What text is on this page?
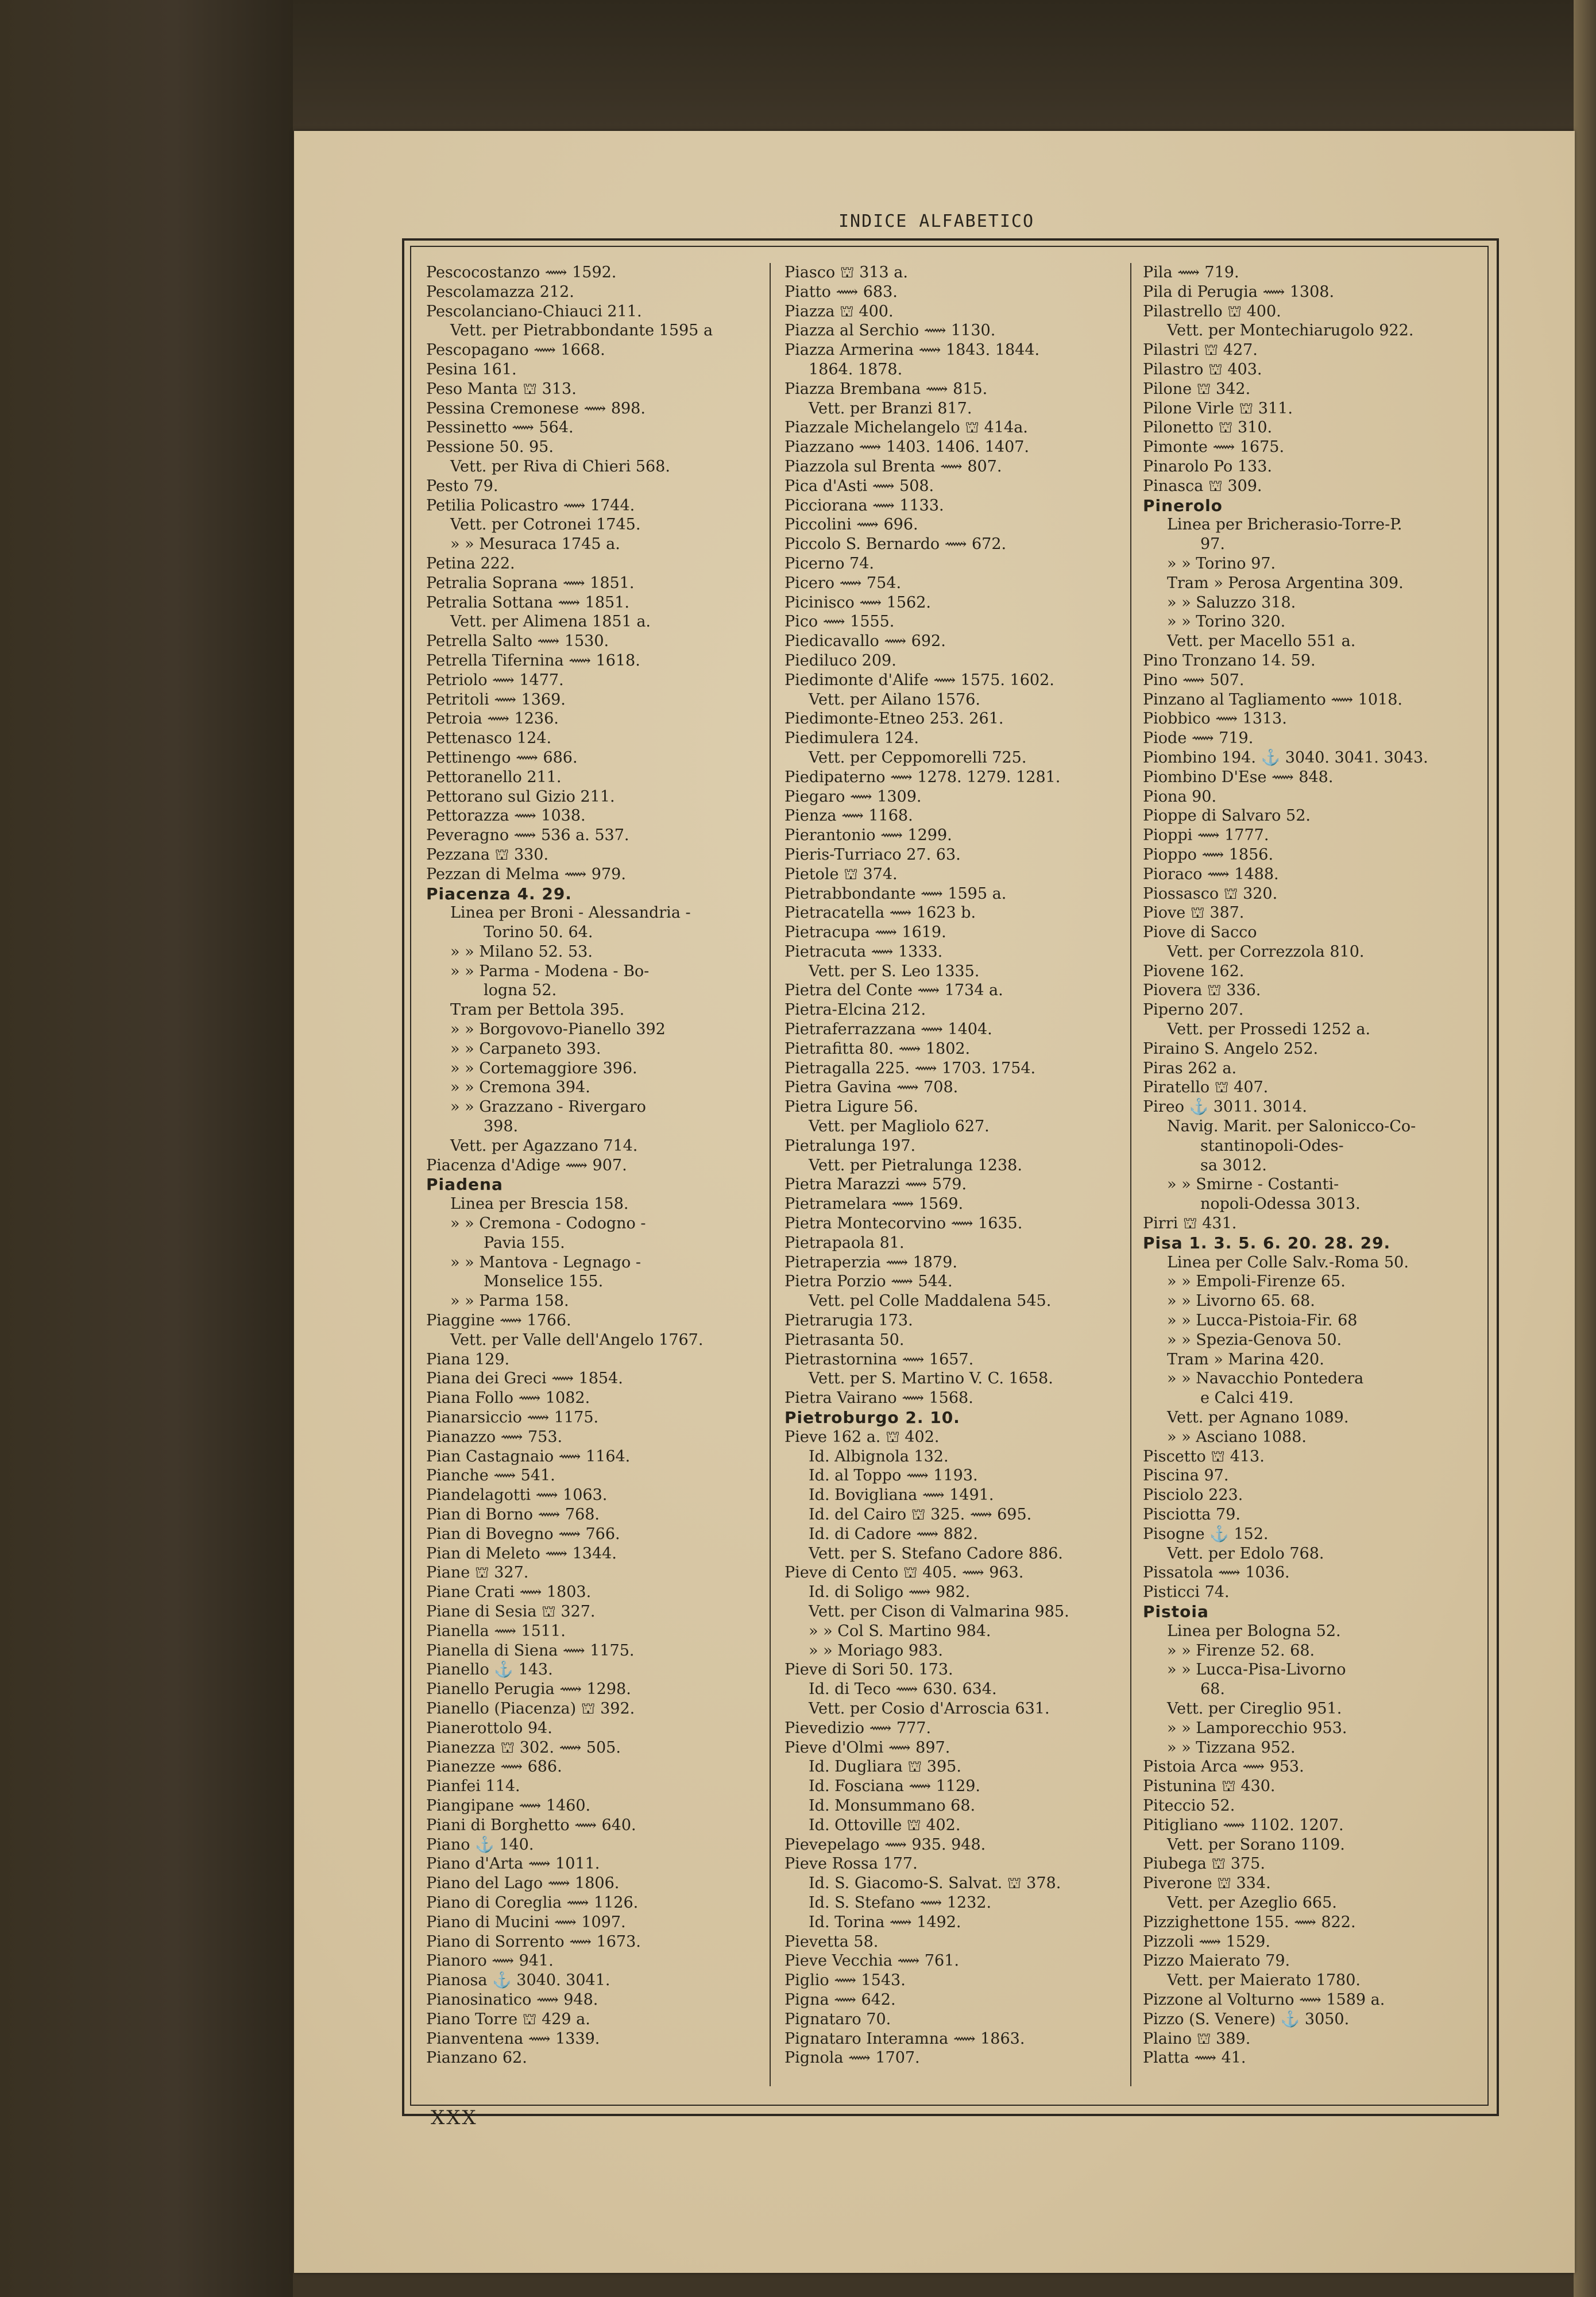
INDICE ALFABETICO
Pescocostanzo ⟿ 1592.
Pescolamazza 212.
Pescolanciano-Chiauci 211.
Vett. per Pietrabbondante 1595 a
Pescopagano ⟿ 1668.
Pesina 161.
Peso Manta ⛫ 313.
Pessina Cremonese ⟿ 898.
Pessinetto ⟿ 564.
Pessione 50. 95.
Vett. per Riva di Chieri 568.
Pesto 79.
Petilia Policastro ⟿ 1744.
Vett. per Cotronei 1745.
» » Mesuraca 1745 a.
Petina 222.
Petralia Soprana ⟿ 1851.
Petralia Sottana ⟿ 1851.
Vett. per Alimena 1851 a.
Petrella Salto ⟿ 1530.
Petrella Tifernina ⟿ 1618.
Petriolo ⟿ 1477.
Petritoli ⟿ 1369.
Petroia ⟿ 1236.
Pettenasco 124.
Pettinengo ⟿ 686.
Pettoranello 211.
Pettorano sul Gizio 211.
Pettorazza ⟿ 1038.
Peveragno ⟿ 536 a. 537.
Pezzana ⛫ 330.
Pezzan di Melma ⟿ 979.
Piacenza 4. 29.
Linea per Broni - Alessandria -
Torino 50. 64.
» » Milano 52. 53.
» » Parma - Modena - Bo-
logna 52.
Tram per Bettola 395.
» » Borgovovo-Pianello 392
» » Carpaneto 393.
» » Cortemaggiore 396.
» » Cremona 394.
» » Grazzano - Rivergaro
398.
Vett. per Agazzano 714.
Piacenza d'Adige ⟿ 907.
Piadena
Linea per Brescia 158.
» » Cremona - Codogno -
Pavia 155.
» » Mantova - Legnago -
Monselice 155.
» » Parma 158.
Piaggine ⟿ 1766.
Vett. per Valle dell'Angelo 1767.
Piana 129.
Piana dei Greci ⟿ 1854.
Piana Follo ⟿ 1082.
Pianarsiccio ⟿ 1175.
Pianazzo ⟿ 753.
Pian Castagnaio ⟿ 1164.
Pianche ⟿ 541.
Piandelagotti ⟿ 1063.
Pian di Borno ⟿ 768.
Pian di Bovegno ⟿ 766.
Pian di Meleto ⟿ 1344.
Piane ⛫ 327.
Piane Crati ⟿ 1803.
Piane di Sesia ⛫ 327.
Pianella ⟿ 1511.
Pianella di Siena ⟿ 1175.
Pianello ⚓ 143.
Pianello Perugia ⟿ 1298.
Pianello (Piacenza) ⛫ 392.
Pianerottolo 94.
Pianezza ⛫ 302. ⟿ 505.
Pianezze ⟿ 686.
Pianfei 114.
Piangipane ⟿ 1460.
Piani di Borghetto ⟿ 640.
Piano ⚓ 140.
Piano d'Arta ⟿ 1011.
Piano del Lago ⟿ 1806.
Piano di Coreglia ⟿ 1126.
Piano di Mucini ⟿ 1097.
Piano di Sorrento ⟿ 1673.
Pianoro ⟿ 941.
Pianosa ⚓ 3040. 3041.
Pianosinatico ⟿ 948.
Piano Torre ⛫ 429 a.
Pianventena ⟿ 1339.
Pianzano 62.
Piasco ⛫ 313 a.
Piatto ⟿ 683.
Piazza ⛫ 400.
Piazza al Serchio ⟿ 1130.
Piazza Armerina ⟿ 1843. 1844.
1864. 1878.
Piazza Brembana ⟿ 815.
Vett. per Branzi 817.
Piazzale Michelangelo ⛫ 414a.
Piazzano ⟿ 1403. 1406. 1407.
Piazzola sul Brenta ⟿ 807.
Pica d'Asti ⟿ 508.
Picciorana ⟿ 1133.
Piccolini ⟿ 696.
Piccolo S. Bernardo ⟿ 672.
Picerno 74.
Picero ⟿ 754.
Picinisco ⟿ 1562.
Pico ⟿ 1555.
Piedicavallo ⟿ 692.
Piediluco 209.
Piedimonte d'Alife ⟿ 1575. 1602.
Vett. per Ailano 1576.
Piedimonte-Etneo 253. 261.
Piedimulera 124.
Vett. per Ceppomorelli 725.
Piedipaterno ⟿ 1278. 1279. 1281.
Piegaro ⟿ 1309.
Pienza ⟿ 1168.
Pierantonio ⟿ 1299.
Pieris-Turriaco 27. 63.
Pietole ⛫ 374.
Pietrabbondante ⟿ 1595 a.
Pietracatella ⟿ 1623 b.
Pietracupa ⟿ 1619.
Pietracuta ⟿ 1333.
Vett. per S. Leo 1335.
Pietra del Conte ⟿ 1734 a.
Pietra-Elcina 212.
Pietraferrazzana ⟿ 1404.
Pietrafitta 80. ⟿ 1802.
Pietragalla 225. ⟿ 1703. 1754.
Pietra Gavina ⟿ 708.
Pietra Ligure 56.
Vett. per Magliolo 627.
Pietralunga 197.
Vett. per Pietralunga 1238.
Pietra Marazzi ⟿ 579.
Pietramelara ⟿ 1569.
Pietra Montecorvino ⟿ 1635.
Pietrapaola 81.
Pietraperzia ⟿ 1879.
Pietra Porzio ⟿ 544.
Vett. pel Colle Maddalena 545.
Pietrarugia 173.
Pietrasanta 50.
Pietrastornina ⟿ 1657.
Vett. per S. Martino V. C. 1658.
Pietra Vairano ⟿ 1568.
Pietroburgo 2. 10.
Pieve 162 a. ⛫ 402.
Id. Albignola 132.
Id. al Toppo ⟿ 1193.
Id. Bovigliana ⟿ 1491.
Id. del Cairo ⛫ 325. ⟿ 695.
Id. di Cadore ⟿ 882.
Vett. per S. Stefano Cadore 886.
Pieve di Cento ⛫ 405. ⟿ 963.
Id. di Soligo ⟿ 982.
Vett. per Cison di Valmarina 985.
» » Col S. Martino 984.
» » Moriago 983.
Pieve di Sori 50. 173.
Id. di Teco ⟿ 630. 634.
Vett. per Cosio d'Arroscia 631.
Pievedizio ⟿ 777.
Pieve d'Olmi ⟿ 897.
Id. Dugliara ⛫ 395.
Id. Fosciana ⟿ 1129.
Id. Monsummano 68.
Id. Ottoville ⛫ 402.
Pievepelago ⟿ 935. 948.
Pieve Rossa 177.
Id. S. Giacomo-S. Salvat. ⛫ 378.
Id. S. Stefano ⟿ 1232.
Id. Torina ⟿ 1492.
Pievetta 58.
Pieve Vecchia ⟿ 761.
Piglio ⟿ 1543.
Pigna ⟿ 642.
Pignataro 70.
Pignataro Interamna ⟿ 1863.
Pignola ⟿ 1707.
Pila ⟿ 719.
Pila di Perugia ⟿ 1308.
Pilastrello ⛫ 400.
Vett. per Montechiarugolo 922.
Pilastri ⛫ 427.
Pilastro ⛫ 403.
Pilone ⛫ 342.
Pilone Virle ⛫ 311.
Pilonetto ⛫ 310.
Pimonte ⟿ 1675.
Pinarolo Po 133.
Pinasca ⛫ 309.
Pinerolo
Linea per Bricherasio-Torre-P.
97.
» » Torino 97.
Tram » Perosa Argentina 309.
» » Saluzzo 318.
» » Torino 320.
Vett. per Macello 551 a.
Pino Tronzano 14. 59.
Pino ⟿ 507.
Pinzano al Tagliamento ⟿ 1018.
Piobbico ⟿ 1313.
Piode ⟿ 719.
Piombino 194. ⚓ 3040. 3041. 3043.
Piombino D'Ese ⟿ 848.
Piona 90.
Pioppe di Salvaro 52.
Pioppi ⟿ 1777.
Pioppo ⟿ 1856.
Pioraco ⟿ 1488.
Piossasco ⛫ 320.
Piove ⛫ 387.
Piove di Sacco
Vett. per Correzzola 810.
Piovene 162.
Piovera ⛫ 336.
Piperno 207.
Vett. per Prossedi 1252 a.
Piraino S. Angelo 252.
Piras 262 a.
Piratello ⛫ 407.
Pireo ⚓ 3011. 3014.
Navig. Marit. per Salonicco-Co-
stantinopoli-Odes-
sa 3012.
» » Smirne - Costanti-
nopoli-Odessa 3013.
Pirri ⛫ 431.
Pisa 1. 3. 5. 6. 20. 28. 29.
Linea per Colle Salv.-Roma 50.
» » Empoli-Firenze 65.
» » Livorno 65. 68.
» » Lucca-Pistoia-Fir. 68
» » Spezia-Genova 50.
Tram » Marina 420.
» » Navacchio Pontedera
e Calci 419.
Vett. per Agnano 1089.
» » Asciano 1088.
Piscetto ⛫ 413.
Piscina 97.
Pisciolo 223.
Pisciotta 79.
Pisogne ⚓ 152.
Vett. per Edolo 768.
Pissatola ⟿ 1036.
Pisticci 74.
Pistoia
Linea per Bologna 52.
» » Firenze 52. 68.
» » Lucca-Pisa-Livorno
68.
Vett. per Cireglio 951.
» » Lamporecchio 953.
» » Tizzana 952.
Pistoia Arca ⟿ 953.
Pistunina ⛫ 430.
Piteccio 52.
Pitigliano ⟿ 1102. 1207.
Vett. per Sorano 1109.
Piubega ⛫ 375.
Piverone ⛫ 334.
Vett. per Azeglio 665.
Pizzighettone 155. ⟿ 822.
Pizzoli ⟿ 1529.
Pizzo Maierato 79.
Vett. per Maierato 1780.
Pizzone al Volturno ⟿ 1589 a.
Pizzo (S. Venere) ⚓ 3050.
Plaino ⛫ 389.
Platta ⟿ 41.
XXX
